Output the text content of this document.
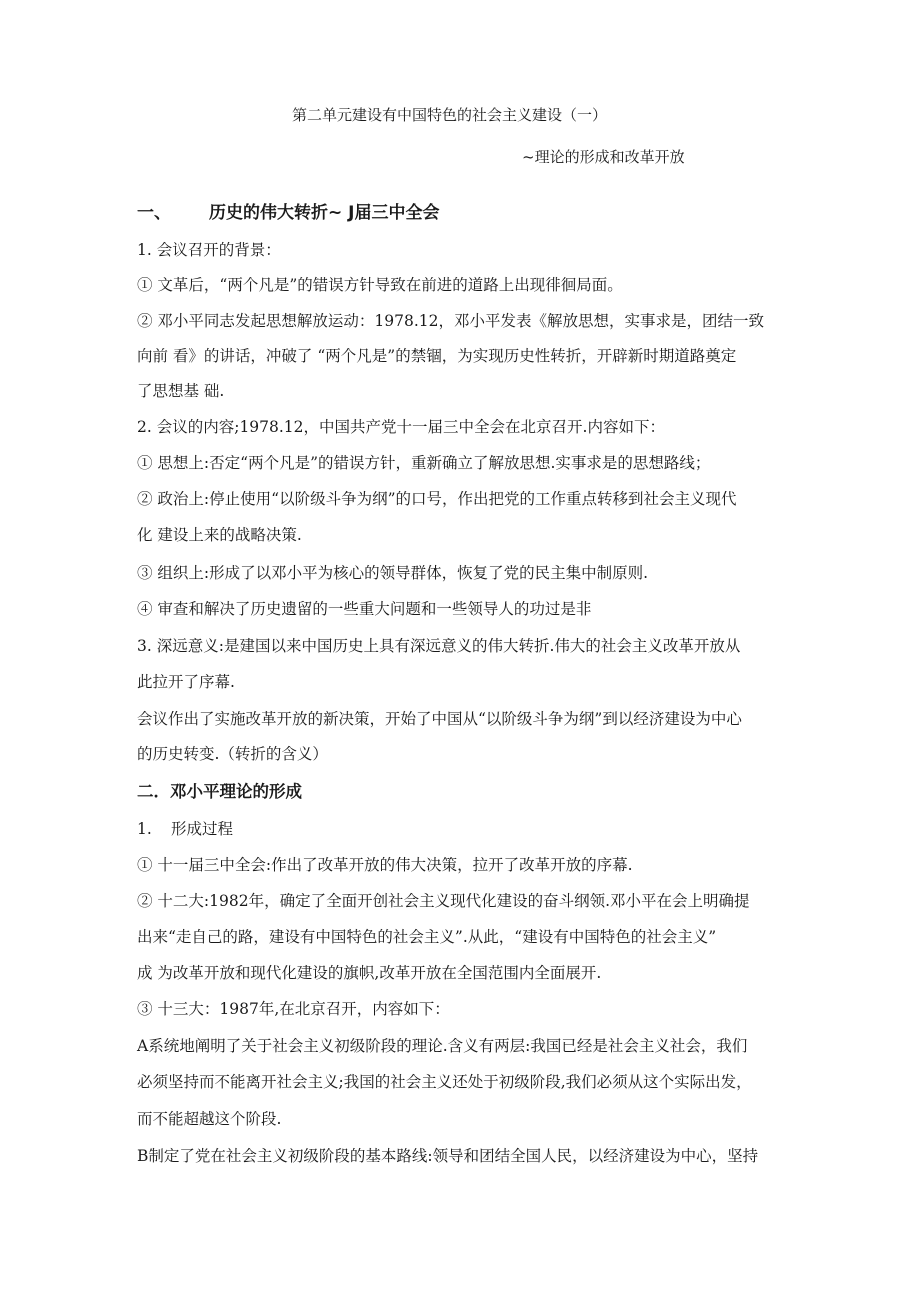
第二单元建设有中国特色的社会主义建设（一）
~理论的形成和改革开放
一、 历史的伟大转折~ J届三中全会
1. 会议召开的背景：
① 文革后，“两个凡是”的错误方针导致在前进的道路上出现徘徊局面。
② 邓小平同志发起思想解放运动：1978.12，邓小平发表《解放思想，实事求是，团结一致
向前 看》的讲话，冲破了 “两个凡是”的禁锢，为实现历史性转折，开辟新时期道路奠定
了思想基 础.
2. 会议的内容;1978.12，中国共产党十一届三中全会在北京召开.内容如下：
① 思想上:否定“两个凡是”的错误方针，重新确立了解放思想.实事求是的思想路线；
② 政治上:停止使用“以阶级斗争为纲”的口号，作出把党的工作重点转移到社会主义现代
化 建设上来的战略决策.
③ 组织上:形成了以邓小平为核心的领导群体，恢复了党的民主集中制原则.
④ 审查和解决了历史遗留的一些重大问题和一些领导人的功过是非
3. 深远意义:是建国以来中国历史上具有深远意义的伟大转折.伟大的社会主义改革开放从
此拉开了序幕.
会议作出了实施改革开放的新决策，开始了中国从“以阶级斗争为纲”到以经济建设为中心
的历史转变.（转折的含义）
二．邓小平理论的形成
1. 形成过程
① 十一届三中全会:作出了改革开放的伟大决策，拉开了改革开放的序幕.
② 十二大:1982年，确定了全面开创社会主义现代化建设的奋斗纲领.邓小平在会上明确提
出来“走自己的路，建设有中国特色的社会主义”.从此，“建设有中国特色的社会主义”
成 为改革开放和现代化建设的旗帜,改革开放在全国范围内全面展开.
③ 十三大：1987年,在北京召开，内容如下：
A系统地阐明了关于社会主义初级阶段的理论.含义有两层:我国已经是社会主义社会，我们
必须坚持而不能离开社会主义;我国的社会主义还处于初级阶段,我们必须从这个实际出发，
而不能超越这个阶段.
B制定了党在社会主义初级阶段的基本路线:领导和团结全国人民，以经济建设为中心，坚持
